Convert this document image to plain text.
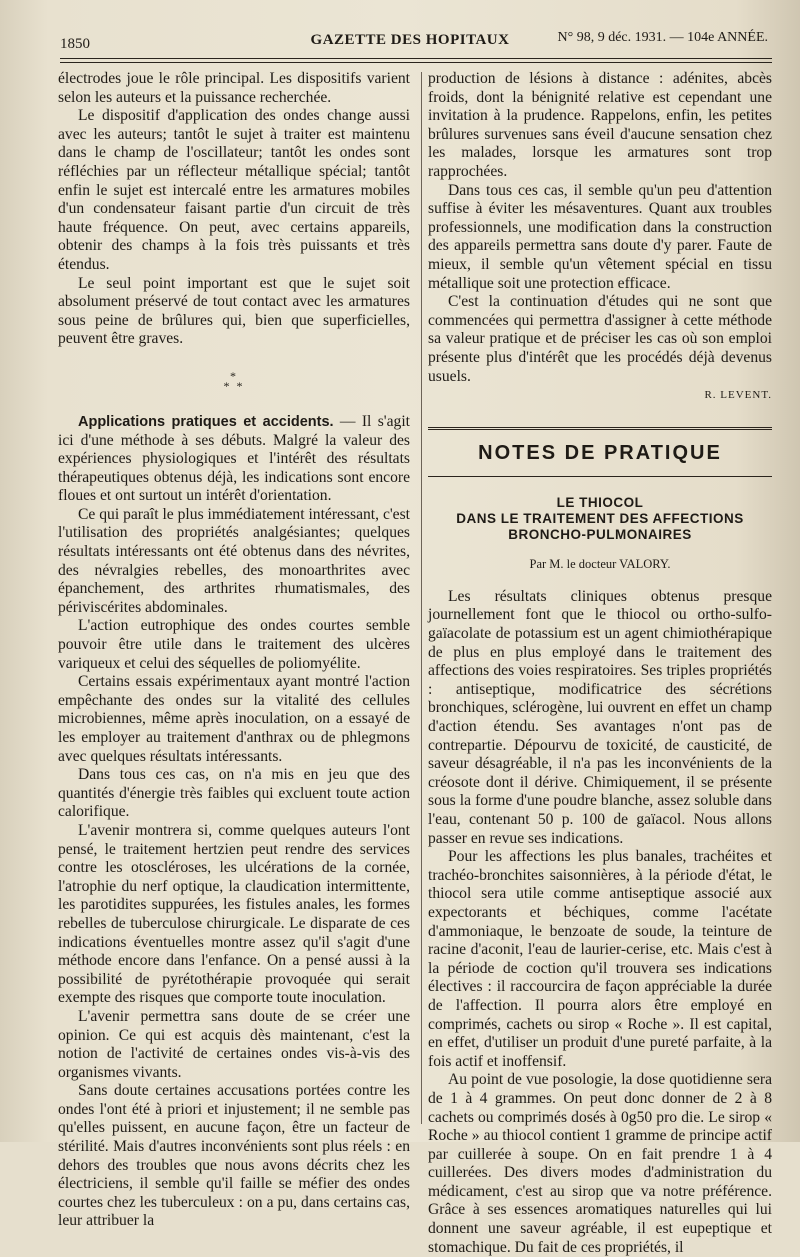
1850	GAZETTE DES HOPITAUX	N° 98, 9 déc. 1931. — 104e ANNÉE.

électrodes joue le rôle principal. Les dispositifs varient selon les auteurs et la puissance recherchée.

Le dispositif d'application des ondes change aussi avec les auteurs; tantôt le sujet à traiter est maintenu dans le champ de l'oscillateur; tantôt les ondes sont réfléchies par un réflecteur métallique spécial; tantôt enfin le sujet est intercalé entre les armatures mobiles d'un condensateur faisant partie d'un circuit de très haute fréquence. On peut, avec certains appareils, obtenir des champs à la fois très puissants et très étendus.

Le seul point important est que le sujet soit absolument préservé de tout contact avec les armatures sous peine de brûlures qui, bien que superficielles, peuvent être graves.

*
* *

Applications pratiques et accidents. — Il s'agit ici d'une méthode à ses débuts. Malgré la valeur des expériences physiologiques et l'intérêt des résultats thérapeutiques obtenus déjà, les indications sont encore floues et ont surtout un intérêt d'orientation.

Ce qui paraît le plus immédiatement intéressant, c'est l'utilisation des propriétés analgésiantes; quelques résultats intéressants ont été obtenus dans des névrites, des névralgies rebelles, des monoarthrites avec épanchement, des arthrites rhumatismales, des périviscérites abdominales.

L'action eutrophique des ondes courtes semble pouvoir être utile dans le traitement des ulcères variqueux et celui des séquelles de poliomyélite.

Certains essais expérimentaux ayant montré l'action empêchante des ondes sur la vitalité des cellules microbiennes, même après inoculation, on a essayé de les employer au traitement d'anthrax ou de phlegmons avec quelques résultats intéressants.

Dans tous ces cas, on n'a mis en jeu que des quantités d'énergie très faibles qui excluent toute action calorifique.

L'avenir montrera si, comme quelques auteurs l'ont pensé, le traitement hertzien peut rendre des services contre les otoscléroses, les ulcérations de la cornée, l'atrophie du nerf optique, la claudication intermittente, les parotidites suppurées, les fistules anales, les formes rebelles de tuberculose chirurgicale. Le disparate de ces indications éventuelles montre assez qu'il s'agit d'une méthode encore dans l'enfance. On a pensé aussi à la possibilité de pyrétothérapie provoquée qui serait exempte des risques que comporte toute inoculation.

L'avenir permettra sans doute de se créer une opinion. Ce qui est acquis dès maintenant, c'est la notion de l'activité de certaines ondes vis-à-vis des organismes vivants.

Sans doute certaines accusations portées contre les ondes l'ont été à priori et injustement; il ne semble pas qu'elles puissent, en aucune façon, être un facteur de stérilité. Mais d'autres inconvénients sont plus réels : en dehors des troubles que nous avons décrits chez les électriciens, il semble qu'il faille se méfier des ondes courtes chez les tuberculeux : on a pu, dans certains cas, leur attribuer la

production de lésions à distance : adénites, abcès froids, dont la bénignité relative est cependant une invitation à la prudence. Rappelons, enfin, les petites brûlures survenues sans éveil d'aucune sensation chez les malades, lorsque les armatures sont trop rapprochées.

Dans tous ces cas, il semble qu'un peu d'attention suffise à éviter les mésaventures. Quant aux troubles professionnels, une modification dans la construction des appareils permettra sans doute d'y parer. Faute de mieux, il semble qu'un vêtement spécial en tissu métallique soit une protection efficace.

C'est la continuation d'études qui ne sont que commencées qui permettra d'assigner à cette méthode sa valeur pratique et de préciser les cas où son emploi présente plus d'intérêt que les procédés déjà devenus usuels.

R. LEVENT.
NOTES DE PRATIQUE
LE THIOCOL
DANS LE TRAITEMENT DES AFFECTIONS
BRONCHO-PULMONAIRES
Par M. le docteur VALORY.

Les résultats cliniques obtenus presque journellement font que le thiocol ou ortho-sulfo-gaïacolate de potassium est un agent chimiothérapique de plus en plus employé dans le traitement des affections des voies respiratoires. Ses triples propriétés : antiseptique, modificatrice des sécrétions bronchiques, sclérogène, lui ouvrent en effet un champ d'action étendu. Ses avantages n'ont pas de contrepartie. Dépourvu de toxicité, de causticité, de saveur désagréable, il n'a pas les inconvénients de la créosote dont il dérive. Chimiquement, il se présente sous la forme d'une poudre blanche, assez soluble dans l'eau, contenant 50 p. 100 de gaïacol. Nous allons passer en revue ses indications.

Pour les affections les plus banales, trachéites et trachéo-bronchites saisonnières, à la période d'état, le thiocol sera utile comme antiseptique associé aux expectorants et béchiques, comme l'acétate d'ammoniaque, le benzoate de soude, la teinture de racine d'aconit, l'eau de laurier-cerise, etc. Mais c'est à la période de coction qu'il trouvera ses indications électives : il raccourcira de façon appréciable la durée de l'affection. Il pourra alors être employé en comprimés, cachets ou sirop « Roche ». Il est capital, en effet, d'utiliser un produit d'une pureté parfaite, à la fois actif et inoffensif.

Au point de vue posologie, la dose quotidienne sera de 1 à 4 grammes. On peut donc donner de 2 à 8 cachets ou comprimés dosés à 0g50 pro die. Le sirop « Roche » au thiocol contient 1 gramme de principe actif par cuillerée à soupe. On en fait prendre 1 à 4 cuillerées. Des divers modes d'administration du médicament, c'est au sirop que va notre préférence. Grâce à ses essences aromatiques naturelles qui lui donnent une saveur agréable, il est eupeptique et stomachique. Du fait de ces propriétés, il
